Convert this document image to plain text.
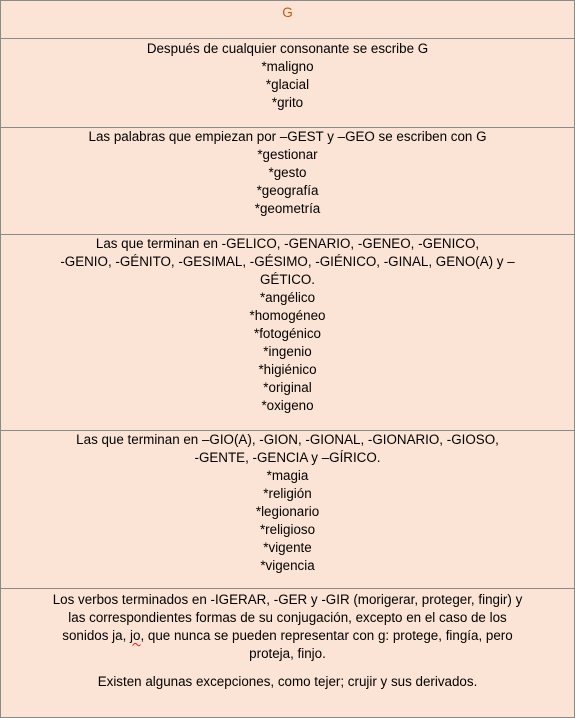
G
Después de cualquier consonante se escribe G
*maligno
*glacial
*grito
Las palabras que empiezan por –GEST y –GEO se escriben con G
*gestionar
*gesto
*geografía
*geometría
Las que terminan en -GELICO, -GENARIO, -GENEO, -GENICO,
-GENIO, -GÉNITO, -GESIMAL, -GÉSIMO, -GIÉNICO, -GINAL, GENO(A) y –
GÉTICO.
*angélico
*homogéneo
*fotogénico
*ingenio
*higiénico
*original
*oxigeno
Las que terminan en –GIO(A), -GION, -GIONAL, -GIONARIO, -GIOSO,
-GENTE, -GENCIA y –GÍRICO.
*magia
*religión
*legionario
*religioso
*vigente
*vigencia
Los verbos terminados en -IGERAR, -GER y -GIR (morigerar, proteger, fingir) y
las correspondientes formas de su conjugación, excepto en el caso de los
sonidos ja, jo, que nunca se pueden representar con g: protege, fingía, pero
proteja, finjo.
Existen algunas excepciones, como tejer; crujir y sus derivados.
